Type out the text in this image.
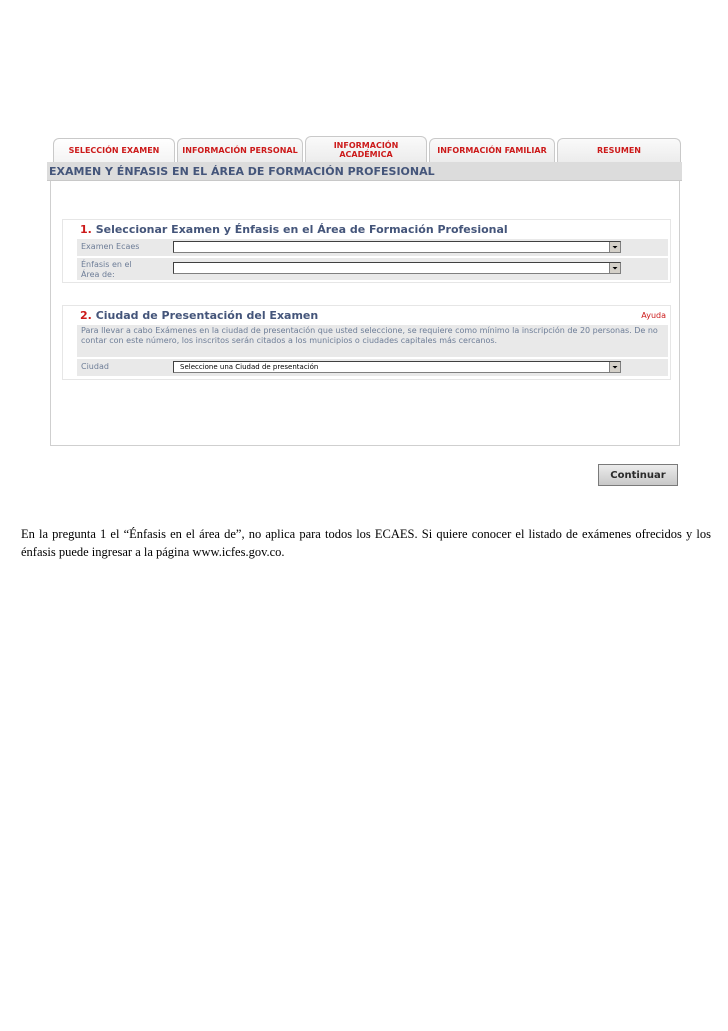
SELECCIÓN EXAMEN	INFORMACIÓN PERSONAL
INFORMACIÓN
ACADÉMICA	INFORMACIÓN FAMILIAR	RESUMEN
EXAMEN Y ÉNFASIS EN EL ÁREA DE FORMACIÓN PROFESIONAL
1. Seleccionar Examen y Énfasis en el Área de Formación Profesional
Examen Ecaes
Énfasis en el Área de:
2. Ciudad de Presentación del Examen	Ayuda
Para llevar a cabo Exámenes en la ciudad de presentación que usted seleccione, se requiere como mínimo la inscripción de 20 personas. De no contar con este número, los inscritos serán citados a los municipios o ciudades capitales más cercanos.
Ciudad	Seleccione una Ciudad de presentación
Continuar

En la pregunta 1 el “Énfasis en el área de”, no aplica para todos los ECAES. Si quiere conocer el listado de exámenes ofrecidos y los énfasis puede ingresar a la página www.icfes.gov.co.
